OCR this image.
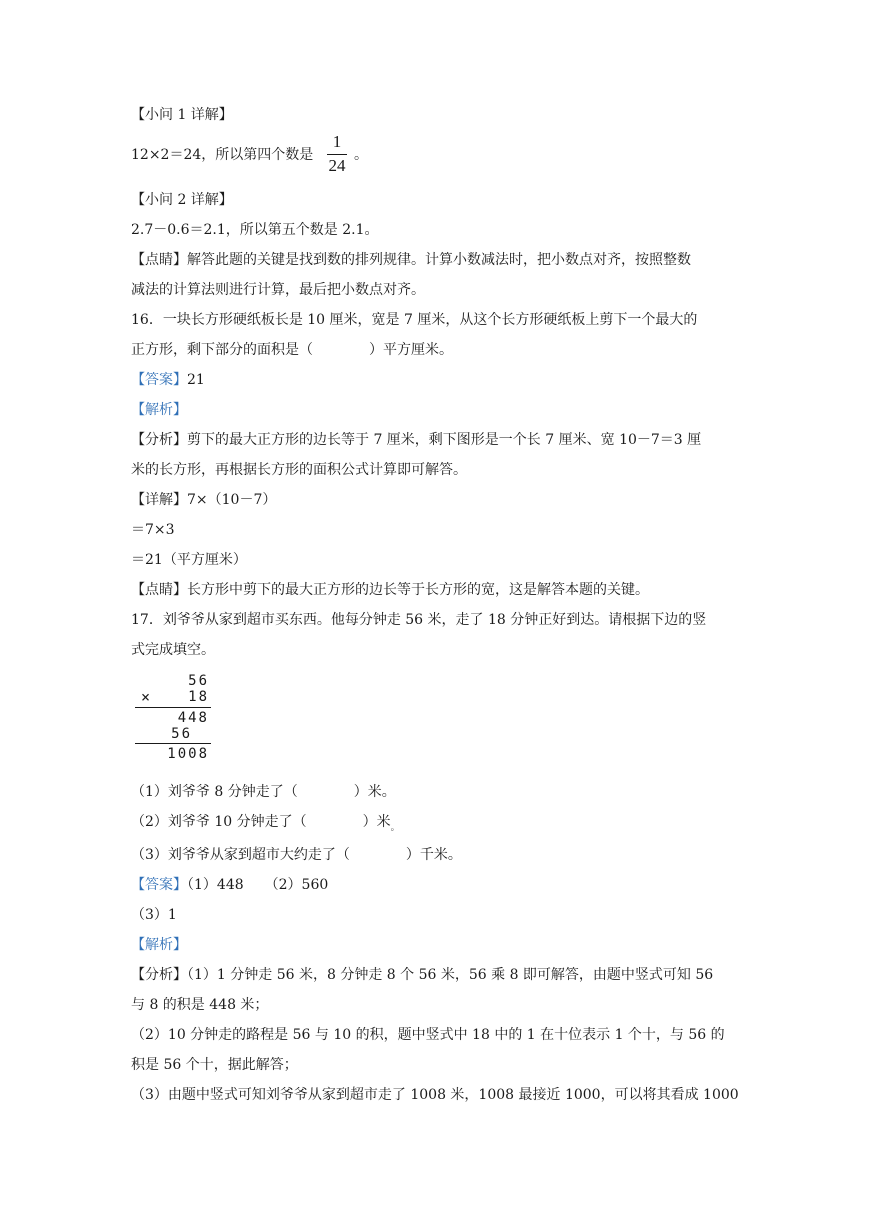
【小问 1 详解】
12×2＝24，所以第四个数是
1
24
。
【小问 2 详解】
2.7－0.6＝2.1，所以第五个数是 2.1。
【点睛】解答此题的关键是找到数的排列规律。计算小数减法时，把小数点对齐，按照整数
减法的计算法则进行计算，最后把小数点对齐。
16．一块长方形硬纸板长是 10 厘米，宽是 7 厘米，从这个长方形硬纸板上剪下一个最大的
正方形，剩下部分的面积是（　　　　）平方厘米。
【答案】21
【解析】
【分析】剪下的最大正方形的边长等于 7 厘米，剩下图形是一个长 7 厘米、宽 10－7＝3 厘
米的长方形，再根据长方形的面积公式计算即可解答。
【详解】7×（10－7）
＝7×3
＝21（平方厘米）
【点睛】长方形中剪下的最大正方形的边长等于长方形的宽，这是解答本题的关键。
17．刘爷爷从家到超市买东西。他每分钟走 56 米，走了 18 分钟正好到达。请根据下边的竖
式完成填空。
56
×	18
448
56
1008
（1）刘爷爷 8 分钟走了（　　　　）米。
（2）刘爷爷 10 分钟走了（　　　　）米$_。$
（3）刘爷爷从家到超市大约走了（　　　　）千米。
【答案】（1）448　　（2）560
（3）1
【解析】
【分析】（1）1 分钟走 56 米，8 分钟走 8 个 56 米，56 乘 8 即可解答，由题中竖式可知 56
与 8 的积是 448 米；
（2）10 分钟走的路程是 56 与 10 的积，题中竖式中 18 中的 1 在十位表示 1 个十，与 56 的
积是 56 个十，据此解答；
（3）由题中竖式可知刘爷爷从家到超市走了 1008 米，1008 最接近 1000，可以将其看成 1000
